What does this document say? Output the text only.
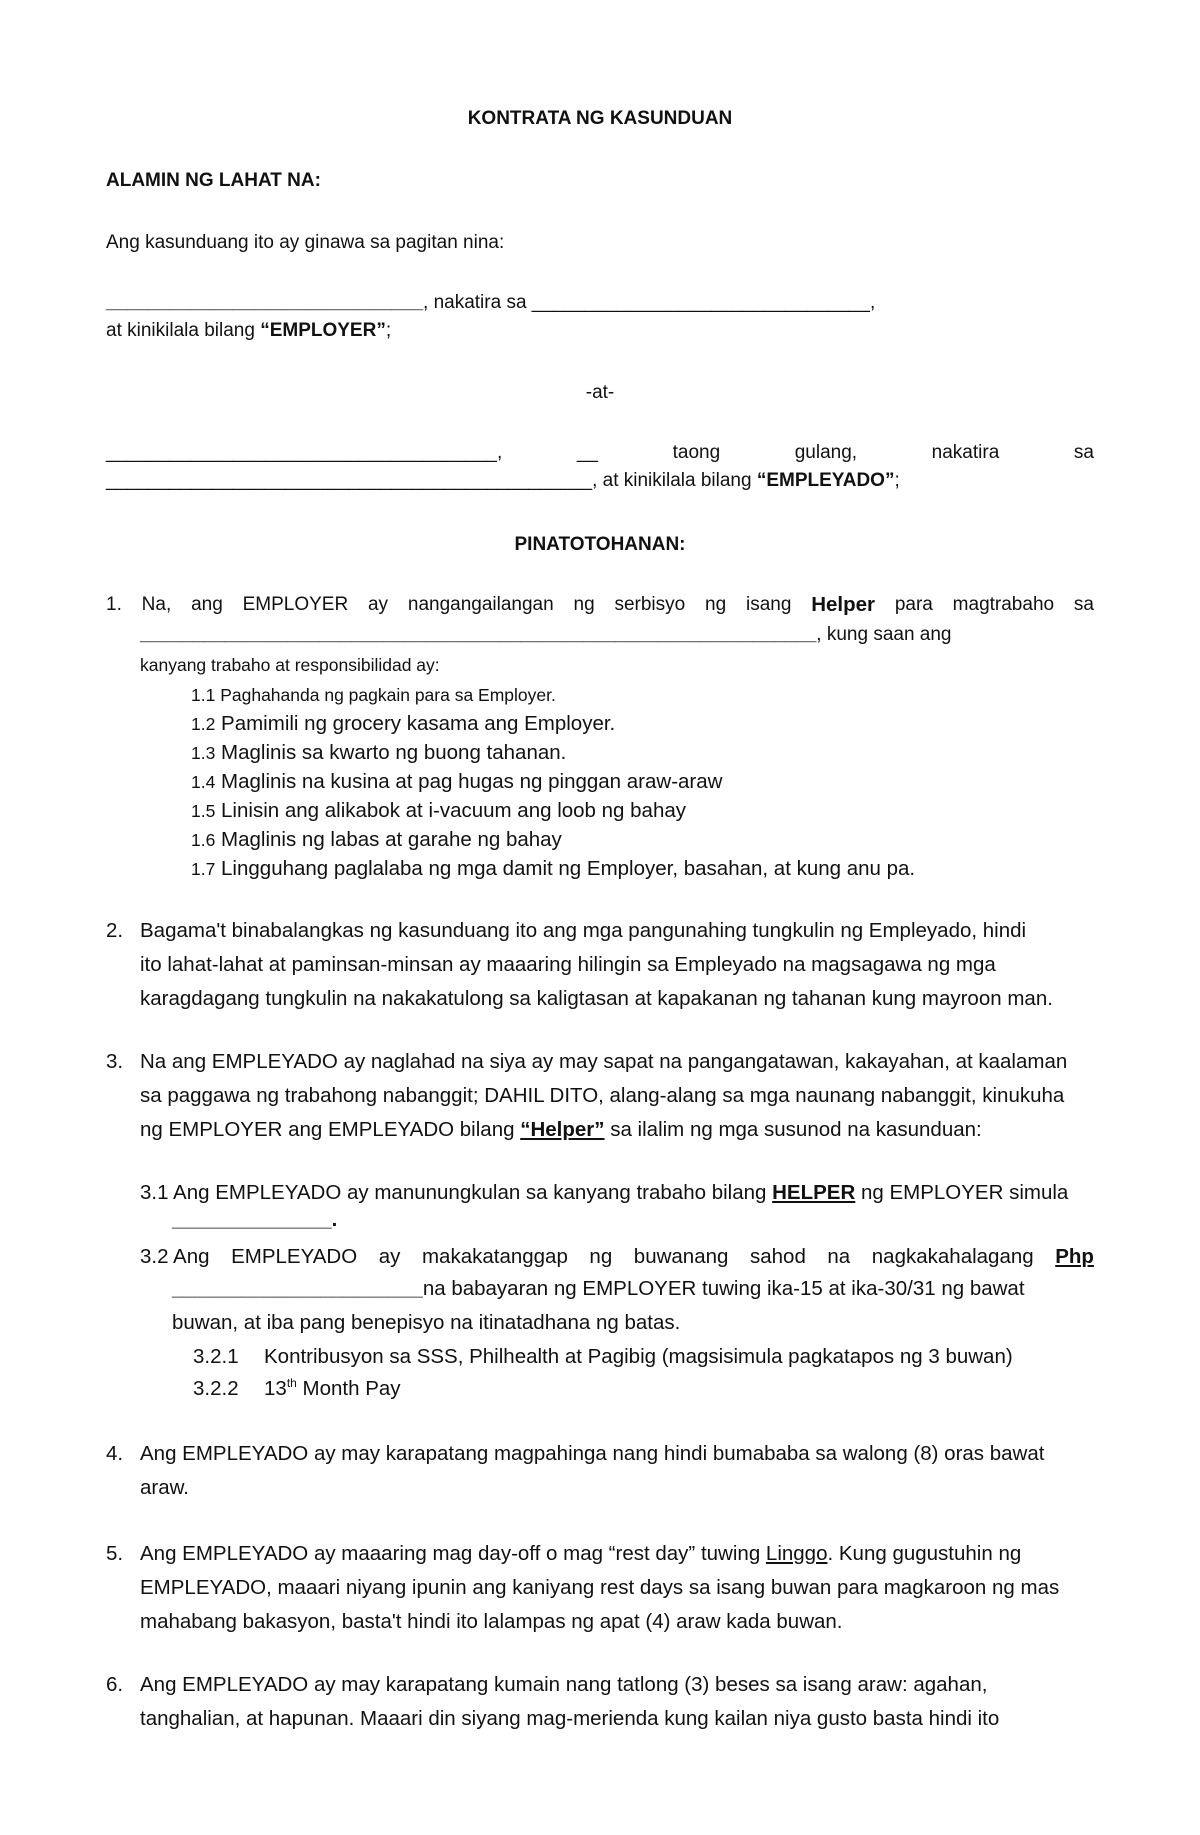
KONTRATA NG KASUNDUAN
ALAMIN NG LAHAT NA:
Ang kasunduang ito ay ginawa sa pagitan nina:
______________________________, nakatira sa ________________________________,
at kinikilala bilang “EMPLOYER”;
-at-
_____________________________________,	__	taong	gulang,	nakatira	sa
______________________________________________, at kinikilala bilang “EMPLEYADO”;
PINATOTOHANAN:
1. Na, ang EMPLOYER ay nangangailangan ng serbisyo ng isang Helper para magtrabaho sa
________________________________________________________________, kung saan ang
kanyang trabaho at responsibilidad ay:
1.1 Paghahanda ng pagkain para sa Employer.
1.2 Pamimili ng grocery kasama ang Employer.
1.3 Maglinis sa kwarto ng buong tahanan.
1.4 Maglinis na kusina at pag hugas ng pinggan araw-araw
1.5 Linisin ang alikabok at i-vacuum ang loob ng bahay
1.6 Maglinis ng labas at garahe ng bahay
1.7 Lingguhang paglalaba ng mga damit ng Employer, basahan, at kung anu pa.
2. Bagama't binabalangkas ng kasunduang ito ang mga pangunahing tungkulin ng Empleyado, hindi
ito lahat-lahat at paminsan-minsan ay maaaring hilingin sa Empleyado na magsagawa ng mga
karagdagang tungkulin na nakakatulong sa kaligtasan at kapakanan ng tahanan kung mayroon man.
3. Na ang EMPLEYADO ay naglahad na siya ay may sapat na pangangatawan, kakayahan, at kaalaman
sa paggawa ng trabahong nabanggit; DAHIL DITO, alang-alang sa mga naunang nabanggit, kinukuha
ng EMPLOYER ang EMPLEYADO bilang “Helper” sa ilalim ng mga susunod na kasunduan:
3.1 Ang EMPLEYADO ay manunungkulan sa kanyang trabaho bilang HELPER ng EMPLOYER simula
______________.
3.2 Ang EMPLEYADO ay makakatanggap ng buwanang sahod na nagkakahalagang Php
______________________na babayaran ng EMPLOYER tuwing ika-15 at ika-30/31 ng bawat
buwan, at iba pang benepisyo na itinatadhana ng batas.
3.2.1 Kontribusyon sa SSS, Philhealth at Pagibig (magsisimula pagkatapos ng 3 buwan)
3.2.2 13th Month Pay
4. Ang EMPLEYADO ay may karapatang magpahinga nang hindi bumababa sa walong (8) oras bawat
araw.
5. Ang EMPLEYADO ay maaaring mag day-off o mag “rest day” tuwing Linggo. Kung gugustuhin ng
EMPLEYADO, maaari niyang ipunin ang kaniyang rest days sa isang buwan para magkaroon ng mas
mahabang bakasyon, basta't hindi ito lalampas ng apat (4) araw kada buwan.
6. Ang EMPLEYADO ay may karapatang kumain nang tatlong (3) beses sa isang araw: agahan,
tanghalian, at hapunan. Maaari din siyang mag-merienda kung kailan niya gusto basta hindi ito
